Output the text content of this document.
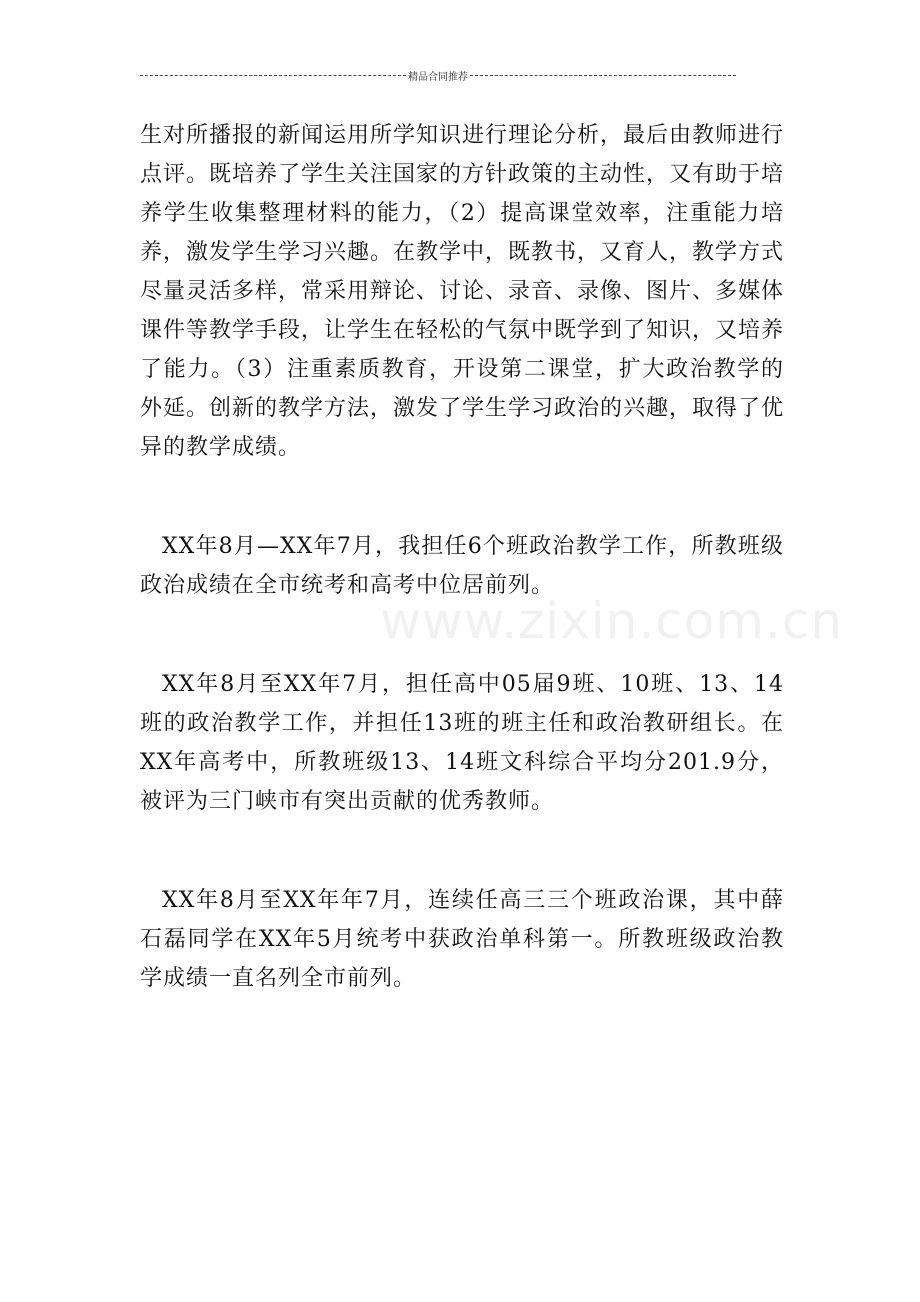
精品合同推荐
www.zixin.com.cn

生对所播报的新闻运用所学知识进行理论分析，最后由教师进行点评。既培养了学生关注国家的方针政策的主动性，又有助于培养学生收集整理材料的能力，（2）提高课堂效率，注重能力培养，激发学生学习兴趣。在教学中，既教书，又育人，教学方式尽量灵活多样，常采用辩论、讨论、录音、录像、图片、多媒体课件等教学手段，让学生在轻松的气氛中既学到了知识，又培养了能力。（3）注重素质教育，开设第二课堂，扩大政治教学的外延。创新的教学方法，激发了学生学习政治的兴趣，取得了优异的教学成绩。

XX年8月—XX年7月，我担任6个班政治教学工作，所教班级政治成绩在全市统考和高考中位居前列。

XX年8月至XX年7月，担任高中05届9班、10班、13、14班的政治教学工作，并担任13班的班主任和政治教研组长。在XX年高考中，所教班级13、14班文科综合平均分201.9分，被评为三门峡市有突出贡献的优秀教师。

XX年8月至XX年年7月，连续任高三三个班政治课，其中薛石磊同学在XX年5月统考中获政治单科第一。所教班级政治教学成绩一直名列全市前列。
